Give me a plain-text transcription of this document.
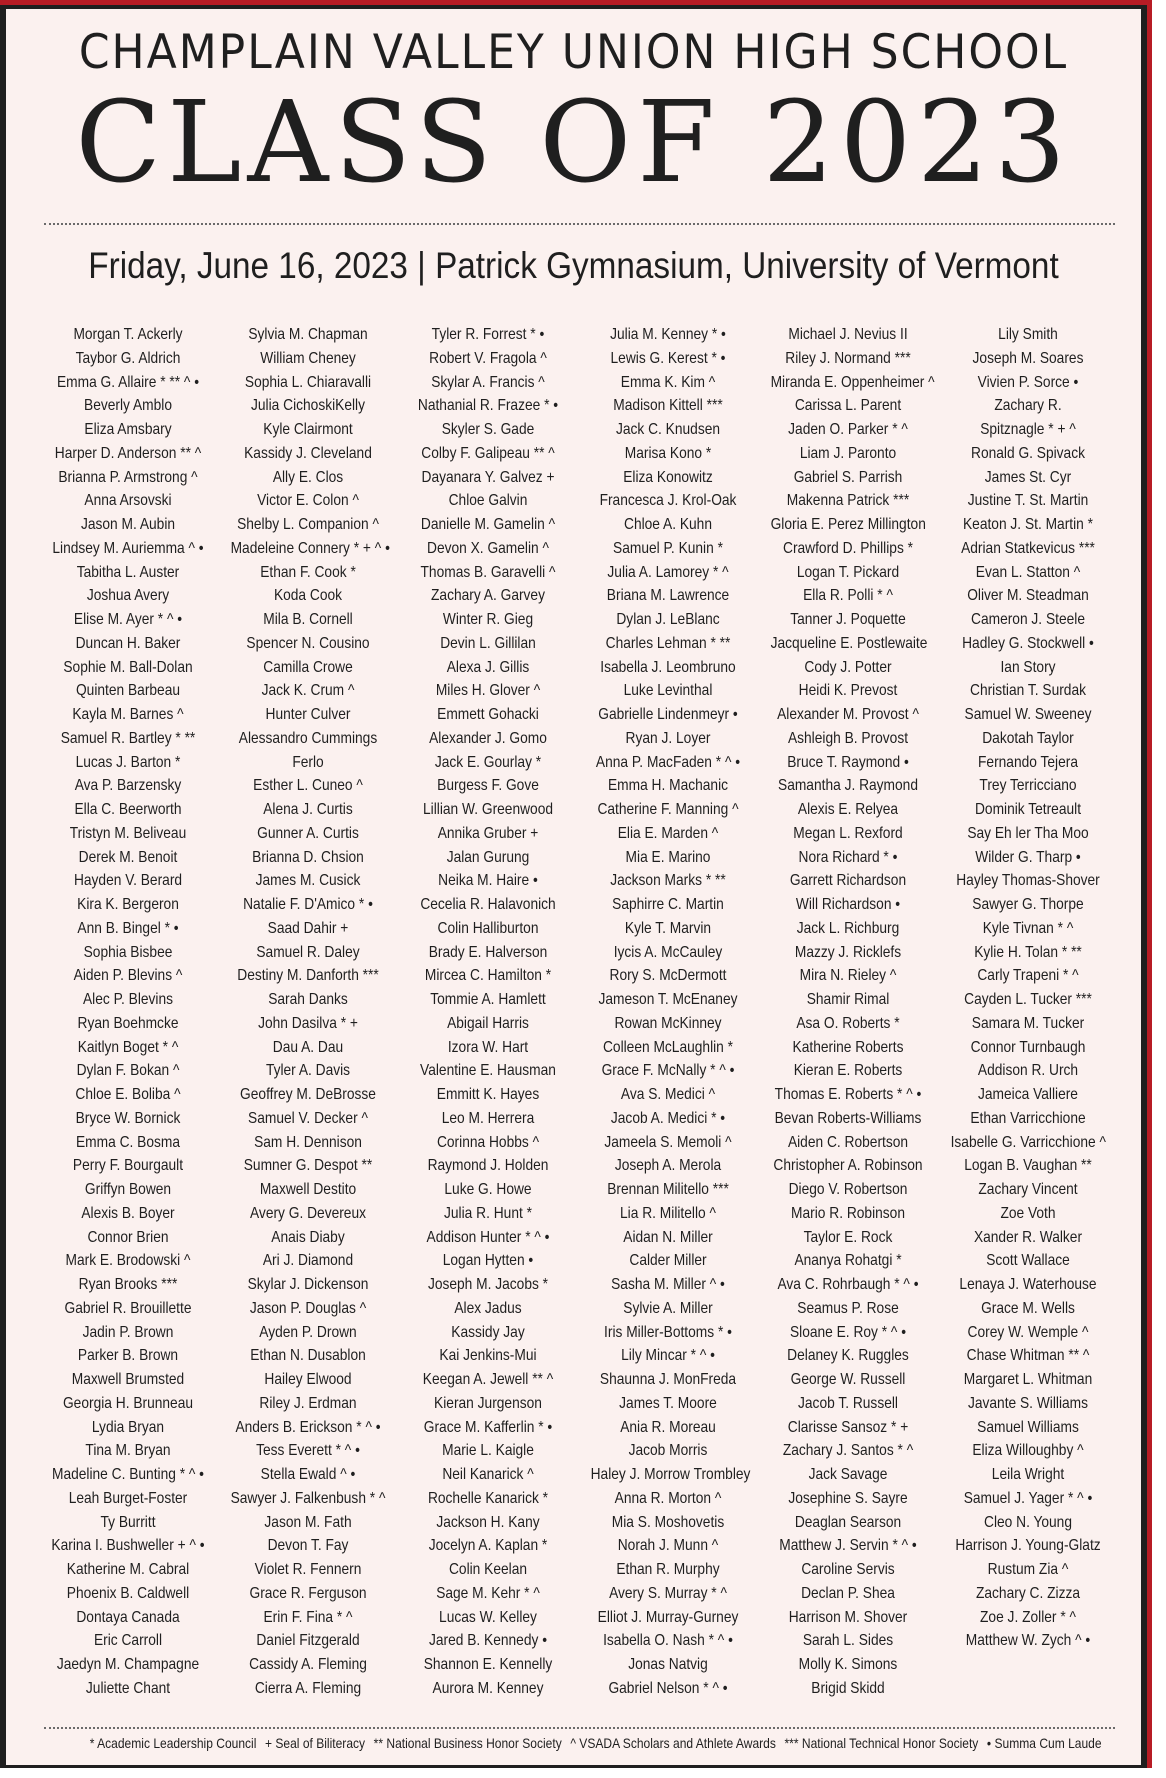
CHAMPLAIN VALLEY UNION HIGH SCHOOL
CLASS OF 2023
Friday, June 16, 2023 | Patrick Gymnasium, University of Vermont
Morgan T. Ackerly
Taybor G. Aldrich
Emma G. Allaire * ** ^ •
Beverly Amblo
Eliza Amsbary
Harper D. Anderson ** ^
Brianna P. Armstrong ^
Anna Arsovski
Jason M. Aubin
Lindsey M. Auriemma ^ •
Tabitha L. Auster
Joshua Avery
Elise M. Ayer * ^ •
Duncan H. Baker
Sophie M. Ball-Dolan
Quinten Barbeau
Kayla M. Barnes ^
Samuel R. Bartley * **
Lucas J. Barton *
Ava P. Barzensky
Ella C. Beerworth
Tristyn M. Beliveau
Derek M. Benoit
Hayden V. Berard
Kira K. Bergeron
Ann B. Bingel * •
Sophia Bisbee
Aiden P. Blevins ^
Alec P. Blevins
Ryan Boehmcke
Kaitlyn Boget * ^
Dylan F. Bokan ^
Chloe E. Boliba ^
Bryce W. Bornick
Emma C. Bosma
Perry F. Bourgault
Griffyn Bowen
Alexis B. Boyer
Connor Brien
Mark E. Brodowski ^
Ryan Brooks ***
Gabriel R. Brouillette
Jadin P. Brown
Parker B. Brown
Maxwell Brumsted
Georgia H. Brunneau
Lydia Bryan
Tina M. Bryan
Madeline C. Bunting * ^ •
Leah Burget-Foster
Ty Burritt
Karina I. Bushweller + ^ •
Katherine M. Cabral
Phoenix B. Caldwell
Dontaya Canada
Eric Carroll
Jaedyn M. Champagne
Juliette Chant
Sylvia M. Chapman
William Cheney
Sophia L. Chiaravalli
Julia CichoskiKelly
Kyle Clairmont
Kassidy J. Cleveland
Ally E. Clos
Victor E. Colon ^
Shelby L. Companion ^
Madeleine Connery * + ^ •
Ethan F. Cook *
Koda Cook
Mila B. Cornell
Spencer N. Cousino
Camilla Crowe
Jack K. Crum ^
Hunter Culver
Alessandro Cummings
Ferlo
Esther L. Cuneo ^
Alena J. Curtis
Gunner A. Curtis
Brianna D. Chsion
James M. Cusick
Natalie F. D'Amico * •
Saad Dahir +
Samuel R. Daley
Destiny M. Danforth ***
Sarah Danks
John Dasilva * +
Dau A. Dau
Tyler A. Davis
Geoffrey M. DeBrosse
Samuel V. Decker ^
Sam H. Dennison
Sumner G. Despot **
Maxwell Destito
Avery G. Devereux
Anais Diaby
Ari J. Diamond
Skylar J. Dickenson
Jason P. Douglas ^
Ayden P. Drown
Ethan N. Dusablon
Hailey Elwood
Riley J. Erdman
Anders B. Erickson * ^ •
Tess Everett * ^ •
Stella Ewald ^ •
Sawyer J. Falkenbush * ^
Jason M. Fath
Devon T. Fay
Violet R. Fennern
Grace R. Ferguson
Erin F. Fina * ^
Daniel Fitzgerald
Cassidy A. Fleming
Cierra A. Fleming
Tyler R. Forrest * •
Robert V. Fragola ^
Skylar A. Francis ^
Nathanial R. Frazee * •
Skyler S. Gade
Colby F. Galipeau ** ^
Dayanara Y. Galvez +
Chloe Galvin
Danielle M. Gamelin ^
Devon X. Gamelin ^
Thomas B. Garavelli ^
Zachary A. Garvey
Winter R. Gieg
Devin L. Gillilan
Alexa J. Gillis
Miles H. Glover ^
Emmett Gohacki
Alexander J. Gomo
Jack E. Gourlay *
Burgess F. Gove
Lillian W. Greenwood
Annika Gruber +
Jalan Gurung
Neika M. Haire •
Cecelia R. Halavonich
Colin Halliburton
Brady E. Halverson
Mircea C. Hamilton *
Tommie A. Hamlett
Abigail Harris
Izora W. Hart
Valentine E. Hausman
Emmitt K. Hayes
Leo M. Herrera
Corinna Hobbs ^
Raymond J. Holden
Luke G. Howe
Julia R. Hunt *
Addison Hunter * ^ •
Logan Hytten •
Joseph M. Jacobs *
Alex Jadus
Kassidy Jay
Kai Jenkins-Mui
Keegan A. Jewell ** ^
Kieran Jurgenson
Grace M. Kafferlin * •
Marie L. Kaigle
Neil Kanarick ^
Rochelle Kanarick *
Jackson H. Kany
Jocelyn A. Kaplan *
Colin Keelan
Sage M. Kehr * ^
Lucas W. Kelley
Jared B. Kennedy •
Shannon E. Kennelly
Aurora M. Kenney
Julia M. Kenney * •
Lewis G. Kerest * •
Emma K. Kim ^
Madison Kittell ***
Jack C. Knudsen
Marisa Kono *
Eliza Konowitz
Francesca J. Krol-Oak
Chloe A. Kuhn
Samuel P. Kunin *
Julia A. Lamorey * ^
Briana M. Lawrence
Dylan J. LeBlanc
Charles Lehman * **
Isabella J. Leombruno
Luke Levinthal
Gabrielle Lindenmeyr •
Ryan J. Loyer
Anna P. MacFaden * ^ •
Emma H. Machanic
Catherine F. Manning ^
Elia E. Marden ^
Mia E. Marino
Jackson Marks * **
Saphirre C. Martin
Kyle T. Marvin
Iycis A. McCauley
Rory S. McDermott
Jameson T. McEnaney
Rowan McKinney
Colleen McLaughlin *
Grace F. McNally * ^ •
Ava S. Medici ^
Jacob A. Medici * •
Jameela S. Memoli ^
Joseph A. Merola
Brennan Militello ***
Lia R. Militello ^
Aidan N. Miller
Calder Miller
Sasha M. Miller ^ •
Sylvie A. Miller
Iris Miller-Bottoms * •
Lily Mincar * ^ •
Shaunna J. MonFreda
James T. Moore
Ania R. Moreau
Jacob Morris
Haley J. Morrow Trombley
Anna R. Morton ^
Mia S. Moshovetis
Norah J. Munn ^
Ethan R. Murphy
Avery S. Murray * ^
Elliot J. Murray-Gurney
Isabella O. Nash * ^ •
Jonas Natvig
Gabriel Nelson * ^ •
Michael J. Nevius II
Riley J. Normand ***
Miranda E. Oppenheimer ^
Carissa L. Parent
Jaden O. Parker * ^
Liam J. Paronto
Gabriel S. Parrish
Makenna Patrick ***
Gloria E. Perez Millington
Crawford D. Phillips *
Logan T. Pickard
Ella R. Polli * ^
Tanner J. Poquette
Jacqueline E. Postlewaite
Cody J. Potter
Heidi K. Prevost
Alexander M. Provost ^
Ashleigh B. Provost
Bruce T. Raymond •
Samantha J. Raymond
Alexis E. Relyea
Megan L. Rexford
Nora Richard * •
Garrett Richardson
Will Richardson •
Jack L. Richburg
Mazzy J. Ricklefs
Mira N. Rieley ^
Shamir Rimal
Asa O. Roberts *
Katherine Roberts
Kieran E. Roberts
Thomas E. Roberts * ^ •
Bevan Roberts-Williams
Aiden C. Robertson
Christopher A. Robinson
Diego V. Robertson
Mario R. Robinson
Taylor E. Rock
Ananya Rohatgi *
Ava C. Rohrbaugh * ^ •
Seamus P. Rose
Sloane E. Roy * ^ •
Delaney K. Ruggles
George W. Russell
Jacob T. Russell
Clarisse Sansoz * +
Zachary J. Santos * ^
Jack Savage
Josephine S. Sayre
Deaglan Searson
Matthew J. Servin * ^ •
Caroline Servis
Declan P. Shea
Harrison M. Shover
Sarah L. Sides
Molly K. Simons
Brigid Skidd
Lily Smith
Joseph M. Soares
Vivien P. Sorce •
Zachary R.
Spitznagle * + ^
Ronald G. Spivack
James St. Cyr
Justine T. St. Martin
Keaton J. St. Martin *
Adrian Statkevicus ***
Evan L. Statton ^
Oliver M. Steadman
Cameron J. Steele
Hadley G. Stockwell •
Ian Story
Christian T. Surdak
Samuel W. Sweeney
Dakotah Taylor
Fernando Tejera
Trey Terricciano
Dominik Tetreault
Say Eh ler Tha Moo
Wilder G. Tharp •
Hayley Thomas-Shover
Sawyer G. Thorpe
Kyle Tivnan * ^
Kylie H. Tolan * **
Carly Trapeni * ^
Cayden L. Tucker ***
Samara M. Tucker
Connor Turnbaugh
Addison R. Urch
Jameica Valliere
Ethan Varricchione
Isabelle G. Varricchione ^
Logan B. Vaughan **
Zachary Vincent
Zoe Voth
Xander R. Walker
Scott Wallace
Lenaya J. Waterhouse
Grace M. Wells
Corey W. Wemple ^
Chase Whitman ** ^
Margaret L. Whitman
Javante S. Williams
Samuel Williams
Eliza Willoughby ^
Leila Wright
Samuel J. Yager * ^ •
Cleo N. Young
Harrison J. Young-Glatz
Rustum Zia ^
Zachary C. Zizza
Zoe J. Zoller * ^
Matthew W. Zych ^ •
* Academic Leadership Council + Seal of Biliteracy ** National Business Honor Society ^ VSADA Scholars and Athlete Awards *** National Technical Honor Society • Summa Cum Laude
